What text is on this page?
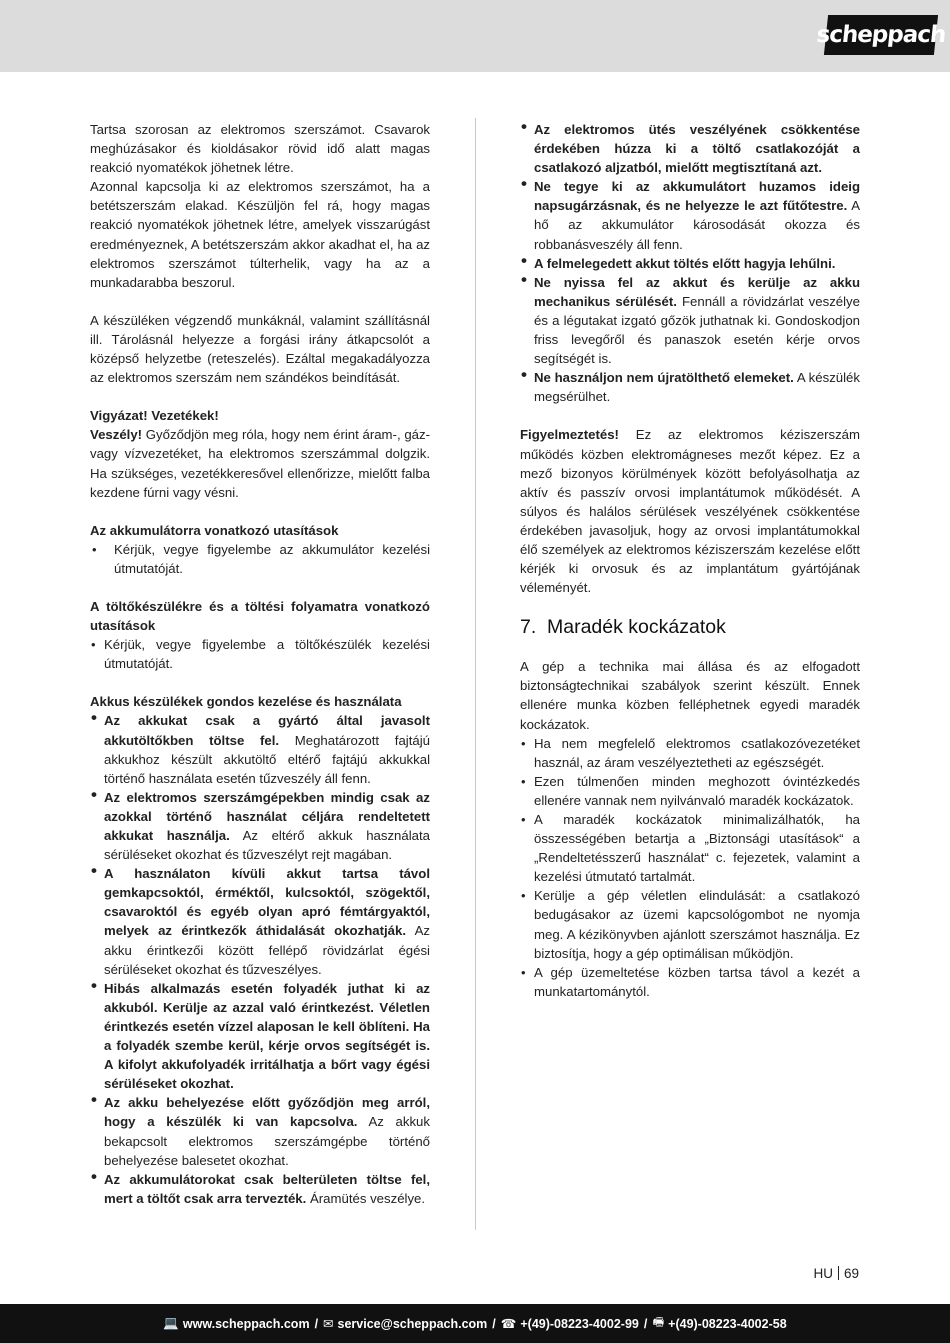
scheppach
Tartsa szorosan az elektromos szerszámot. Csavarok meghúzásakor és kioldásakor rövid idő alatt magas reakció nyomatékok jöhetnek létre.
Azonnal kapcsolja ki az elektromos szerszámot, ha a betétszerszám elakad. Készüljön fel rá, hogy magas reakció nyomatékok jöhetnek létre, amelyek visszarúgást eredményeznek, A betétszerszám akkor akadhat el, ha az elektromos szerszámot túlterhelik, vagy ha az a munkadarabba beszorul.
A készüléken végzendő munkáknál, valamint szállításnál ill. Tárolásnál helyezze a forgási irány átkapcsolót a középső helyzetbe (reteszelés). Ezáltal megakadályozza az elektromos szerszám nem szándékos beindítását.
Vigyázat! Vezetékek!
Veszély! Győződjön meg róla, hogy nem érint áram-, gáz- vagy vízvezetéket, ha elektromos szerszámmal dolgzik. Ha szükséges, vezetékkeresővel ellenőrizze, mielőtt falba kezdene fúrni vagy vésni.
Az akkumulátorra vonatkozó utasítások
• Kérjük, vegye figyelembe az akkumulátor kezelési útmutatóját.
A töltőkészülékre és a töltési folyamatra vonatkozó utasítások
• Kérjük, vegye figyelembe a töltőkészülék kezelési útmutatóját.
Akkus készülékek gondos kezelése és használata
• Az akkukat csak a gyártó által javasolt akkutöltőkben töltse fel. Meghatározott fajtájú akkukhoz készült akkutöltő eltérő fajtájú akkukkal történő használata esetén tűzveszély áll fenn.
• Az elektromos szerszámgépekben mindig csak az azokkal történő használat céljára rendeltetett akkukat használja. Az eltérő akkuk használata sérüléseket okozhat és tűzveszélyt rejt magában.
• A használaton kívüli akkut tartsa távol gemkapcsoktól, érméktől, kulcsoktól, szögektől, csavaroktól és egyéb olyan apró fémtárgyaktól, melyek az érintkezők áthidalását okozhatják. Az akku érintkezői között fellépő rövidzárlat égési sérüléseket okozhat és tűzveszélyes.
• Hibás alkalmazás esetén folyadék juthat ki az akkuból. Kerülje az azzal való érintkezést. Véletlen érintkezés esetén vízzel alaposan le kell öblíteni. Ha a folyadék szembe kerül, kérje orvos segítségét is. A kifolyt akkufolyadék irritálhatja a bőrt vagy égési sérüléseket okozhat.
• Az akku behelyezése előtt győződjön meg arról, hogy a készülék ki van kapcsolva. Az akkuk bekapcsolt elektromos szerszámgépbe történő behelyezése balesetet okozhat.
• Az akkumulátorokat csak belterületen töltse fel, mert a töltőt csak arra tervezték. Áramütés veszélye.
• Az elektromos ütés veszélyének csökkentése érdekében húzza ki a töltő csatlakozóját a csatlakozó aljzatból, mielőtt megtisztítaná azt.
• Ne tegye ki az akkumulátort huzamos ideig napsugárzásnak, és ne helyezze le azt fűtőtestre. A hő az akkumulátor károsodását okozza és robbanásveszély áll fenn.
• A felmelegedett akkut töltés előtt hagyja lehűlni.
• Ne nyissa fel az akkut és kerülje az akku mechanikus sérülését. Fennáll a rövidzárlat veszélye és a légutakat izgató gőzök juthatnak ki. Gondoskodjon friss levegőről és panaszok esetén kérje orvos segítségét is.
• Ne használjon nem újratölthető elemeket. A készülék megsérülhet.
Figyelmeztetés! Ez az elektromos kéziszerszám működés közben elektromágneses mezőt képez. Ez a mező bizonyos körülmények között befolyásolhatja az aktív és passzív orvosi implantátumok működését. A súlyos és halálos sérülések veszélyének csökkentése érdekében javasoljuk, hogy az orvosi implantátumokkal élő személyek az elektromos kéziszerszám kezelése előtt kérjék ki orvosuk és az implantátum gyártójának véleményét.
7. Maradék kockázatok
A gép a technika mai állása és az elfogadott biztonságtechnikai szabályok szerint készült. Ennek ellenére munka közben felléphetnek egyedi maradék kockázatok.
• Ha nem megfelelő elektromos csatlakozóvezetéket használ, az áram veszélyeztetheti az egészségét.
• Ezen túlmenően minden meghozott óvintézkedés ellenére vannak nem nyilvánvaló maradék kockázatok.
• A maradék kockázatok minimalizálhatók, ha összességében betartja a „Biztonsági utasítások“ a „Rendeltetésszerű használat“ c. fejezetek, valamint a kezelési útmutató tartalmát.
• Kerülje a gép véletlen elindulását: a csatlakozó bedugásakor az üzemi kapcsológombot ne nyomja meg. A kézikönyvben ajánlott szerszámot használja. Ez biztosítja, hogy a gép optimálisan működjön.
• A gép üzemeltetése közben tartsa távol a kezét a munkatartománytól.
HU 69
💻 www.scheppach.com / ✉ service@scheppach.com / ☎ +(49)-08223-4002-99 / 🖷 +(49)-08223-4002-58
